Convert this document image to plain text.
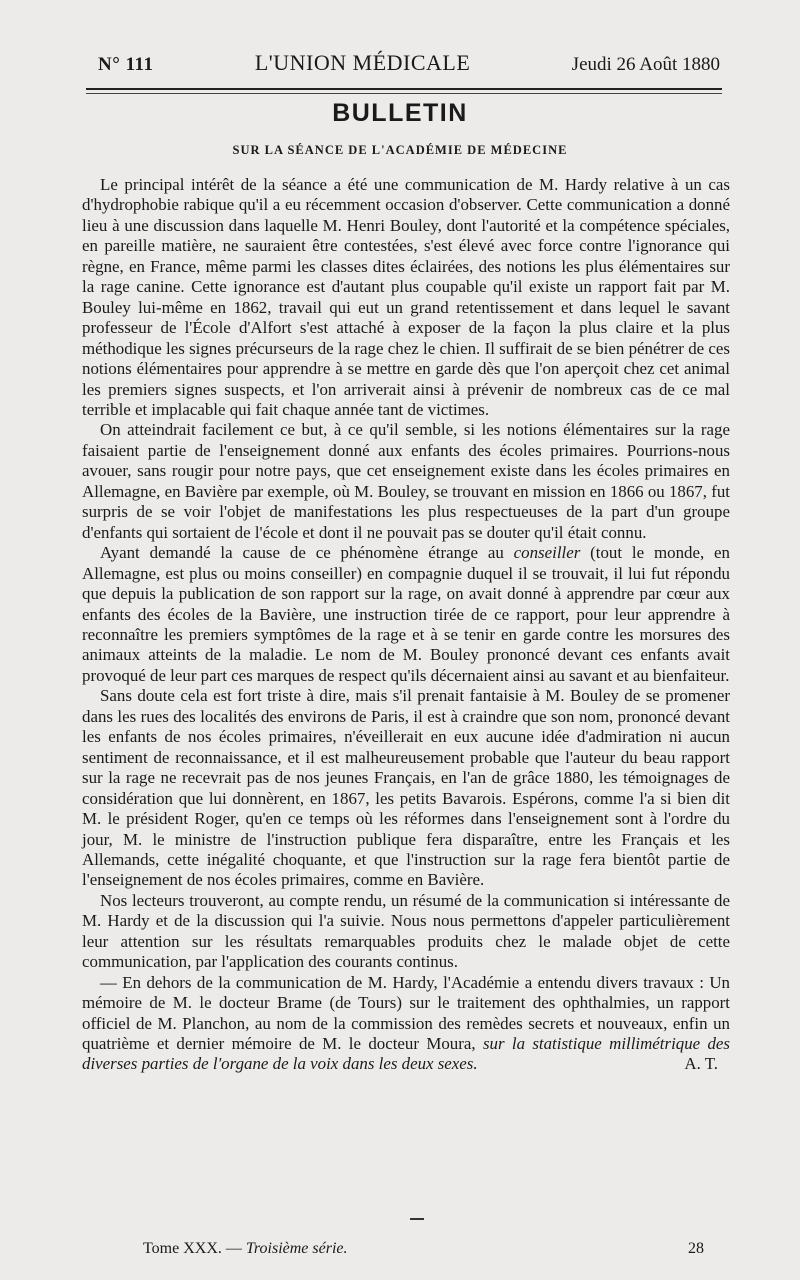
N° 111	L'UNION MÉDICALE	Jeudi 26 Août 1880
BULLETIN
SUR LA SÉANCE DE L'ACADÉMIE DE MÉDECINE

Le principal intérêt de la séance a été une communication de M. Hardy relative à un cas d'hydrophobie rabique qu'il a eu récemment occasion d'observer. Cette communication a donné lieu à une discussion dans laquelle M. Henri Bouley, dont l'autorité et la compétence spéciales, en pareille matière, ne sauraient être contestées, s'est élevé avec force contre l'ignorance qui règne, en France, même parmi les classes dites éclairées, des notions les plus élémentaires sur la rage canine. Cette ignorance est d'autant plus coupable qu'il existe un rapport fait par M. Bouley lui-même en 1862, travail qui eut un grand retentissement et dans lequel le savant professeur de l'École d'Alfort s'est attaché à exposer de la façon la plus claire et la plus méthodique les signes précurseurs de la rage chez le chien. Il suffirait de se bien pénétrer de ces notions élémentaires pour apprendre à se mettre en garde dès que l'on aperçoit chez cet animal les premiers signes suspects, et l'on arriverait ainsi à prévenir de nombreux cas de ce mal terrible et implacable qui fait chaque année tant de victimes.

On atteindrait facilement ce but, à ce qu'il semble, si les notions élémentaires sur la rage faisaient partie de l'enseignement donné aux enfants des écoles primaires. Pourrions-nous avouer, sans rougir pour notre pays, que cet enseignement existe dans les écoles primaires en Allemagne, en Bavière par exemple, où M. Bouley, se trouvant en mission en 1866 ou 1867, fut surpris de se voir l'objet de manifestations les plus respectueuses de la part d'un groupe d'enfants qui sortaient de l'école et dont il ne pouvait pas se douter qu'il était connu.

Ayant demandé la cause de ce phénomène étrange au conseiller (tout le monde, en Allemagne, est plus ou moins conseiller) en compagnie duquel il se trouvait, il lui fut répondu que depuis la publication de son rapport sur la rage, on avait donné à apprendre par cœur aux enfants des écoles de la Bavière, une instruction tirée de ce rapport, pour leur apprendre à reconnaître les premiers symptômes de la rage et à se tenir en garde contre les morsures des animaux atteints de la maladie. Le nom de M. Bouley prononcé devant ces enfants avait provoqué de leur part ces marques de respect qu'ils décernaient ainsi au savant et au bienfaiteur.

Sans doute cela est fort triste à dire, mais s'il prenait fantaisie à M. Bouley de se promener dans les rues des localités des environs de Paris, il est à craindre que son nom, prononcé devant les enfants de nos écoles primaires, n'éveillerait en eux aucune idée d'admiration ni aucun sentiment de reconnaissance, et il est malheureusement probable que l'auteur du beau rapport sur la rage ne recevrait pas de nos jeunes Français, en l'an de grâce 1880, les témoignages de considération que lui donnèrent, en 1867, les petits Bavarois. Espérons, comme l'a si bien dit M. le président Roger, qu'en ce temps où les réformes dans l'enseignement sont à l'ordre du jour, M. le ministre de l'instruction publique fera disparaître, entre les Français et les Allemands, cette inégalité choquante, et que l'instruction sur la rage fera bientôt partie de l'enseignement de nos écoles primaires, comme en Bavière.

Nos lecteurs trouveront, au compte rendu, un résumé de la communication si intéressante de M. Hardy et de la discussion qui l'a suivie. Nous nous permettons d'appeler particulièrement leur attention sur les résultats remarquables produits chez le malade objet de cette communication, par l'application des courants continus.

— En dehors de la communication de M. Hardy, l'Académie a entendu divers travaux : Un mémoire de M. le docteur Brame (de Tours) sur le traitement des ophthalmies, un rapport officiel de M. Planchon, au nom de la commission des remèdes secrets et nouveaux, enfin un quatrième et dernier mémoire de M. le docteur Moura, sur la statistique millimétrique des diverses parties de l'organe de la voix dans les deux sexes.	A. T.

Tome XXX. — Troisième série.	28
